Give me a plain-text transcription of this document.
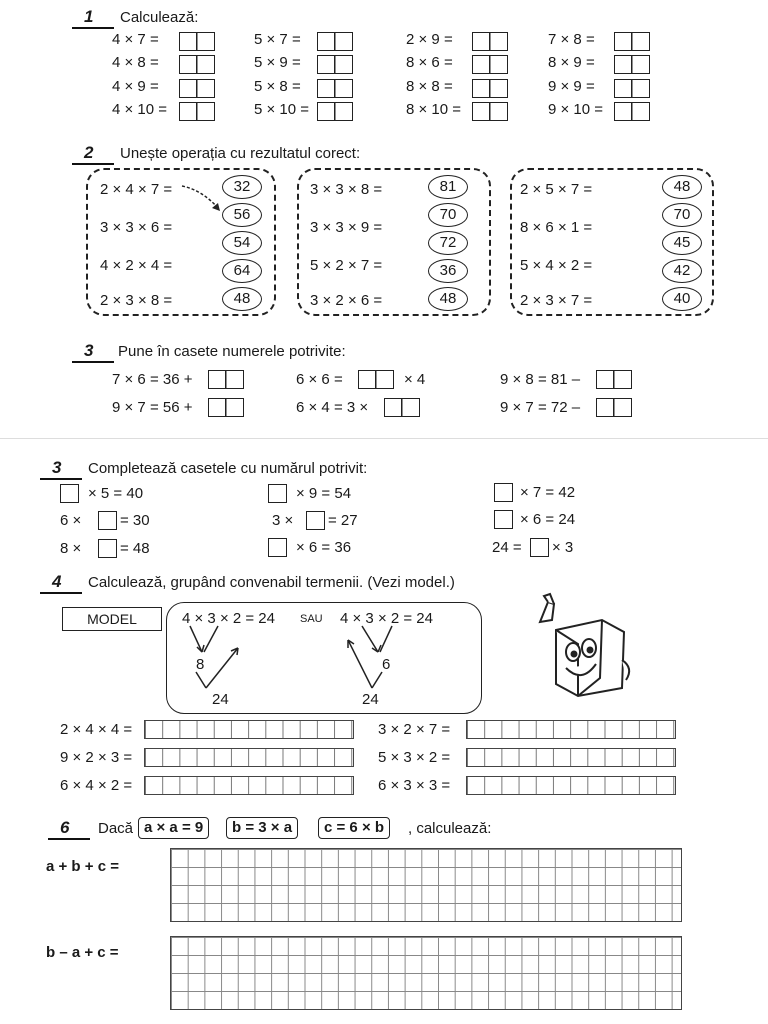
1 Calculează:
4 × 7 =	5 × 7 =	2 × 9 =	7 × 8 =
4 × 8 =	5 × 9 =	8 × 6 =	8 × 9 =
4 × 9 =	5 × 8 =	8 × 8 =	9 × 9 =
4 × 10 =	5 × 10 =	8 × 10 =	9 × 10 =
2 Unește operația cu rezultatul corect:
2 × 4 × 7 =
3 × 3 × 6 =
4 × 2 × 4 =
2 × 3 × 8 =
32
56
54
64
48
3 × 3 × 8 =
3 × 3 × 9 =
5 × 2 × 7 =
3 × 2 × 6 =
81
70
72
36
48
2 × 5 × 7 =
8 × 6 × 1 =
5 × 4 × 2 =
2 × 3 × 7 =
48
70
45
42
40
3 Pune în casete numerele potrivite:
7 × 6 = 36 +	6 × 6 =	× 4	9 × 8 = 81 –
9 × 7 = 56 +	6 × 4 = 3 ×	9 × 7 = 72 –
3 Completează casetele cu numărul potrivit:
× 5 = 40	× 9 = 54	× 7 = 42
6 ×	= 30	3 × = 27	× 6 = 24
8 ×	= 48	× 6 = 36	24 = × 3
4 Calculează, grupând convenabil termenii. (Vezi model.)
MODEL	4 × 3 × 2 = 24 SAU 4 × 3 × 2 = 24
8	6
24	24
2 × 4 × 4 =	3 × 2 × 7 =
9 × 2 × 3 =	5 × 3 × 2 =
6 × 4 × 2 =	6 × 3 × 3 =
6 Dacă a × a = 9	b = 3 × a	c = 6 × b	, calculează:
a + b + c =
b – a + c =
